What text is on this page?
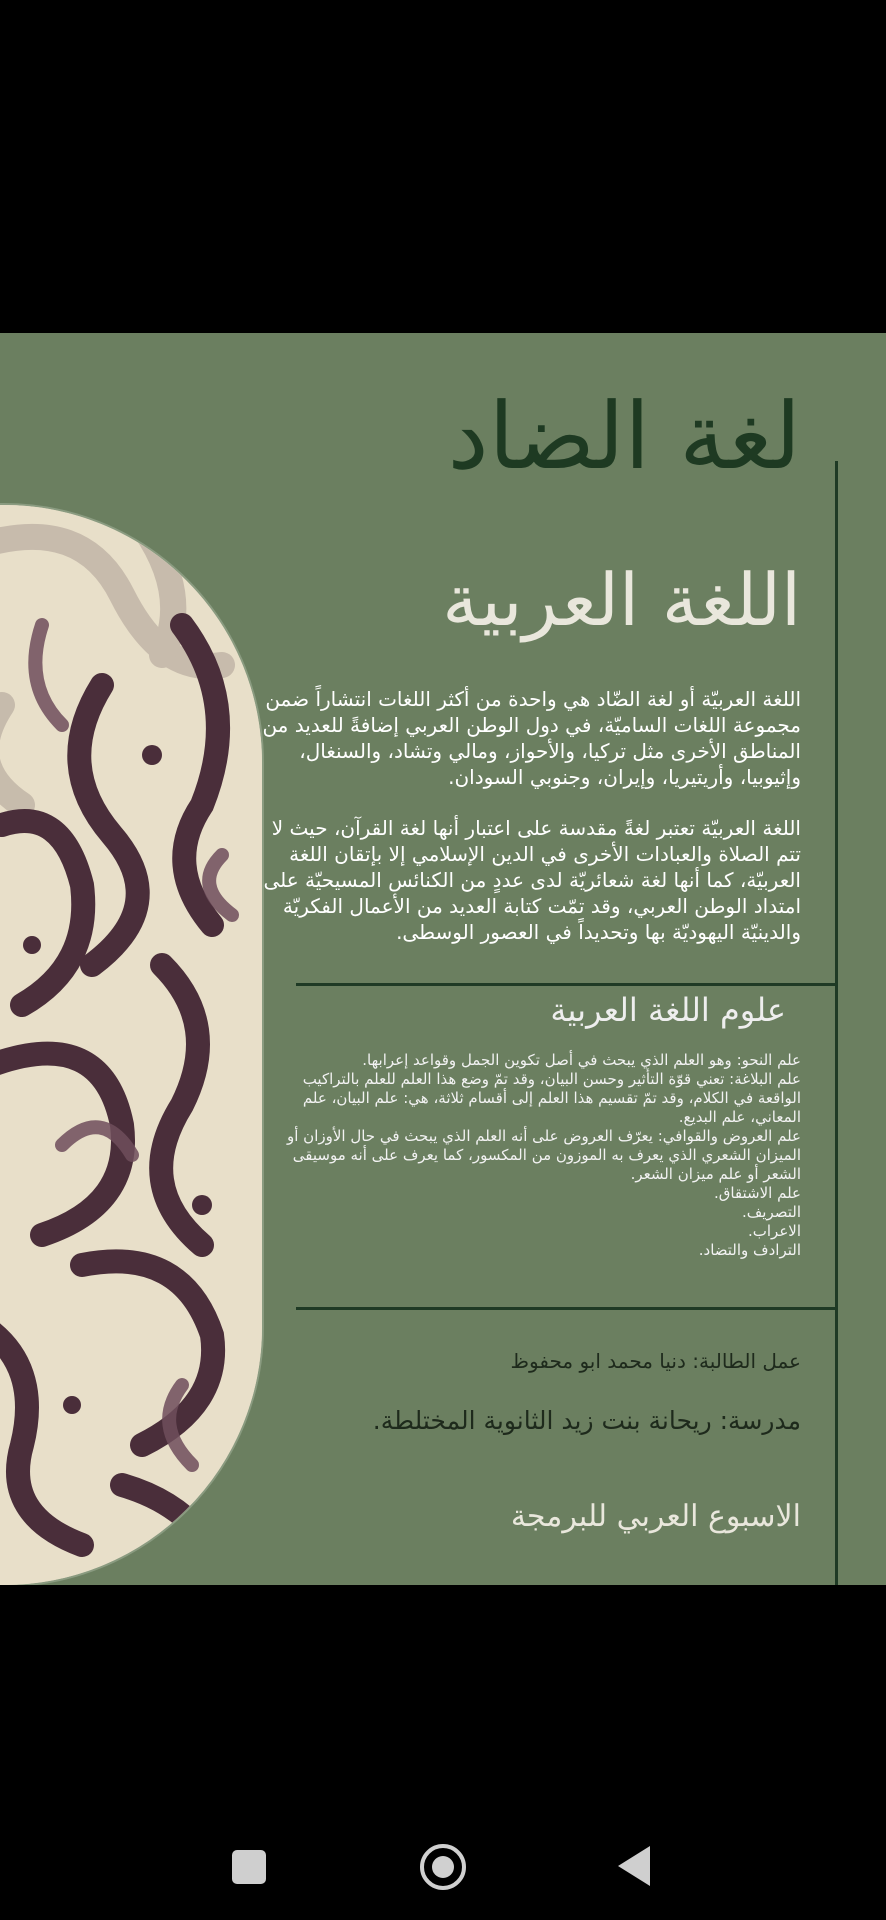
لغة الضاد
اللغة العربية
اللغة العربيّة أو لغة الضّاد هي واحدة من أكثر اللغات انتشاراً ضمن مجموعة اللغات الساميّة، في دول الوطن العربي إضافةً للعديد من المناطق الأخرى مثل تركيا، والأحواز، ومالي وتشاد، والسنغال، وإثيوبيا، وأريتيريا، وإيران، وجنوبي السودان.
اللغة العربيّة تعتبر لغةً مقدسة على اعتبار أنها لغة القرآن، حيث لا تتم الصلاة والعبادات الأخرى في الدين الإسلامي إلا بإتقان اللغة العربيّة، كما أنها لغة شعائريّة لدى عددٍ من الكنائس المسيحيّة على امتداد الوطن العربي، وقد تمّت كتابة العديد من الأعمال الفكريّة والدينيّة اليهوديّة بها وتحديداً في العصور الوسطى.
علوم اللغة العربية
علم النحو: وهو العلم الذي يبحث في أصل تكوين الجمل وقواعد إعرابها.
علم البلاغة: تعني قوّة التأثير وحسن البيان، وقد تمّ وضع هذا العلم للعلم بالتراكيب الواقعة في الكلام، وقد تمّ تقسيم هذا العلم إلى أقسام ثلاثة، هي: علم البيان، علم المعاني، علم البديع.
علم العروض والقوافي: يعرّف العروض على أنه العلم الذي يبحث في حال الأوزان أو الميزان الشعري الذي يعرف به الموزون من المكسور، كما يعرف على أنه موسيقى الشعر أو علم ميزان الشعر.
علم الاشتقاق.
التصريف.
الاعراب.
الترادف والتضاد.
عمل الطالبة: دنيا محمد ابو محفوظ
مدرسة: ريحانة بنت زيد الثانوية المختلطة.
الاسبوع العربي للبرمجة
